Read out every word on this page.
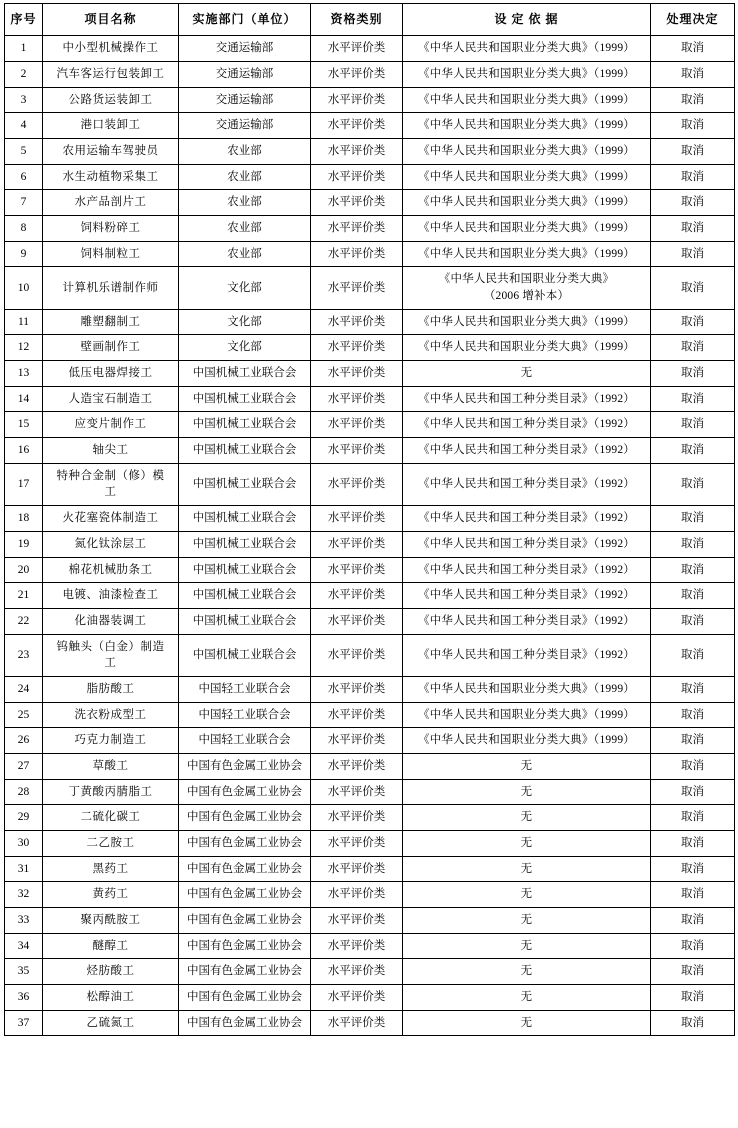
序号	项目名称	实施部门（单位）	资格类别	设 定 依 据	处理决定
1	中小型机械操作工	交通运输部	水平评价类	《中华人民共和国职业分类大典》（1999）	取消
2	汽车客运行包装卸工	交通运输部	水平评价类	《中华人民共和国职业分类大典》（1999）	取消
3	公路货运装卸工	交通运输部	水平评价类	《中华人民共和国职业分类大典》（1999）	取消
4	港口装卸工	交通运输部	水平评价类	《中华人民共和国职业分类大典》（1999）	取消
5	农用运输车驾驶员	农业部	水平评价类	《中华人民共和国职业分类大典》（1999）	取消
6	水生动植物采集工	农业部	水平评价类	《中华人民共和国职业分类大典》（1999）	取消
7	水产品剖片工	农业部	水平评价类	《中华人民共和国职业分类大典》（1999）	取消
8	饲料粉碎工	农业部	水平评价类	《中华人民共和国职业分类大典》（1999）	取消
9	饲料制粒工	农业部	水平评价类	《中华人民共和国职业分类大典》（1999）	取消
10	计算机乐谱制作师	文化部	水平评价类	《中华人民共和国职业分类大典》
（2006 增补本）	取消
11	雕塑翻制工	文化部	水平评价类	《中华人民共和国职业分类大典》（1999）	取消
12	壁画制作工	文化部	水平评价类	《中华人民共和国职业分类大典》（1999）	取消
13	低压电器焊接工	中国机械工业联合会	水平评价类	无	取消
14	人造宝石制造工	中国机械工业联合会	水平评价类	《中华人民共和国工种分类目录》（1992）	取消
15	应变片制作工	中国机械工业联合会	水平评价类	《中华人民共和国工种分类目录》（1992）	取消
16	轴尖工	中国机械工业联合会	水平评价类	《中华人民共和国工种分类目录》（1992）	取消
17	特种合金制（修）模
工	中国机械工业联合会	水平评价类	《中华人民共和国工种分类目录》（1992）	取消
18	火花塞瓷体制造工	中国机械工业联合会	水平评价类	《中华人民共和国工种分类目录》（1992）	取消
19	氮化钛涂层工	中国机械工业联合会	水平评价类	《中华人民共和国工种分类目录》（1992）	取消
20	棉花机械肋条工	中国机械工业联合会	水平评价类	《中华人民共和国工种分类目录》（1992）	取消
21	电镀、油漆检查工	中国机械工业联合会	水平评价类	《中华人民共和国工种分类目录》（1992）	取消
22	化油器装调工	中国机械工业联合会	水平评价类	《中华人民共和国工种分类目录》（1992）	取消
23	钨触头（白金）制造
工	中国机械工业联合会	水平评价类	《中华人民共和国工种分类目录》（1992）	取消
24	脂肪酸工	中国轻工业联合会	水平评价类	《中华人民共和国职业分类大典》（1999）	取消
25	洗衣粉成型工	中国轻工业联合会	水平评价类	《中华人民共和国职业分类大典》（1999）	取消
26	巧克力制造工	中国轻工业联合会	水平评价类	《中华人民共和国职业分类大典》（1999）	取消
27	草酸工	中国有色金属工业协会	水平评价类	无	取消
28	丁黄酸丙腈脂工	中国有色金属工业协会	水平评价类	无	取消
29	二硫化碳工	中国有色金属工业协会	水平评价类	无	取消
30	二乙胺工	中国有色金属工业协会	水平评价类	无	取消
31	黑药工	中国有色金属工业协会	水平评价类	无	取消
32	黄药工	中国有色金属工业协会	水平评价类	无	取消
33	聚丙酰胺工	中国有色金属工业协会	水平评价类	无	取消
34	醚醇工	中国有色金属工业协会	水平评价类	无	取消
35	烃肪酸工	中国有色金属工业协会	水平评价类	无	取消
36	松醇油工	中国有色金属工业协会	水平评价类	无	取消
37	乙硫氮工	中国有色金属工业协会	水平评价类	无	取消
